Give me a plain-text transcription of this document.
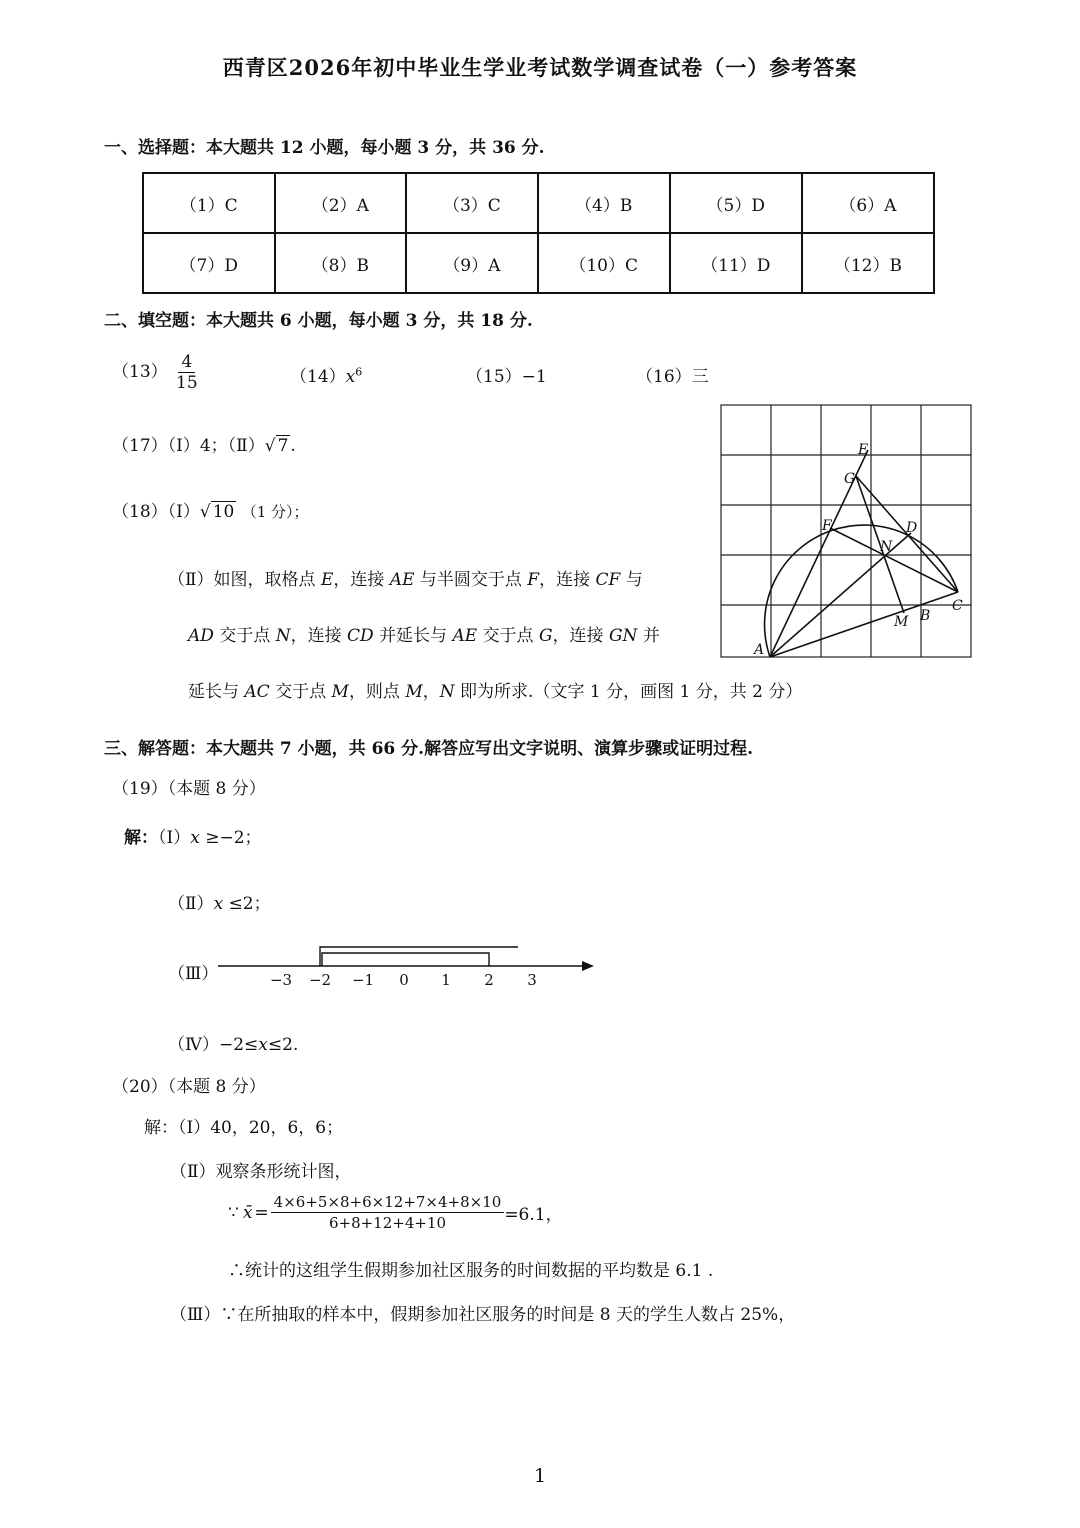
西青区2026年初中毕业生学业考试数学调查试卷（一）参考答案
一、选择题：本大题共 12 小题，每小题 3 分，共 36 分.
（1）C	（2）A	（3）C	（4）B	（5）D	（6）A
（7）D	（8）B	（9）A	（10）C	（11）D	（12）B
二、填空题：本大题共 6 小题，每小题 3 分，共 18 分.
$(13) \frac{4}{15}$	$(14)x^6$	（15）−1	（16）三
（17）（Ⅰ）4；（Ⅱ）√ 7 .
（18）（Ⅰ）√ 10 （1 分）；
（Ⅱ）如图，取格点 E，连接 AE 与半圆交于点 F，连接 CF 与
AD 交于点 N，连接 CD 并延长与 AE 交于点 G，连接 GN 并
延长与 AC 交于点 M，则点 M，N 即为所求.（文字 1 分，画图 1 分，共 2 分）
E
G
F	D
N
C
B
M
A
三、解答题：本大题共 7 小题，共 66 分.解答应写出文字说明、演算步骤或证明过程.
（19）（本题 8 分）
解：（Ⅰ）x ≥−2；
（Ⅱ）x ≤2；
（Ⅲ）	−3 −2 −1 0 1 2 3
（Ⅳ）−2≤x≤2.
（20）（本题 8 分）
解：（Ⅰ）40，20，6，6；
（Ⅱ）观察条形统计图，
∵ x̄ = $\frac{4\times 6+5\times 8+6\times 12+7\times 4+8\times 10}{6+8+12+4+10} =6.1$，
∴统计的这组学生假期参加社区服务的时间数据的平均数是 6.1 .
（Ⅲ）∵在所抽取的样本中，假期参加社区服务的时间是 8 天的学生人数占 25%，
1
